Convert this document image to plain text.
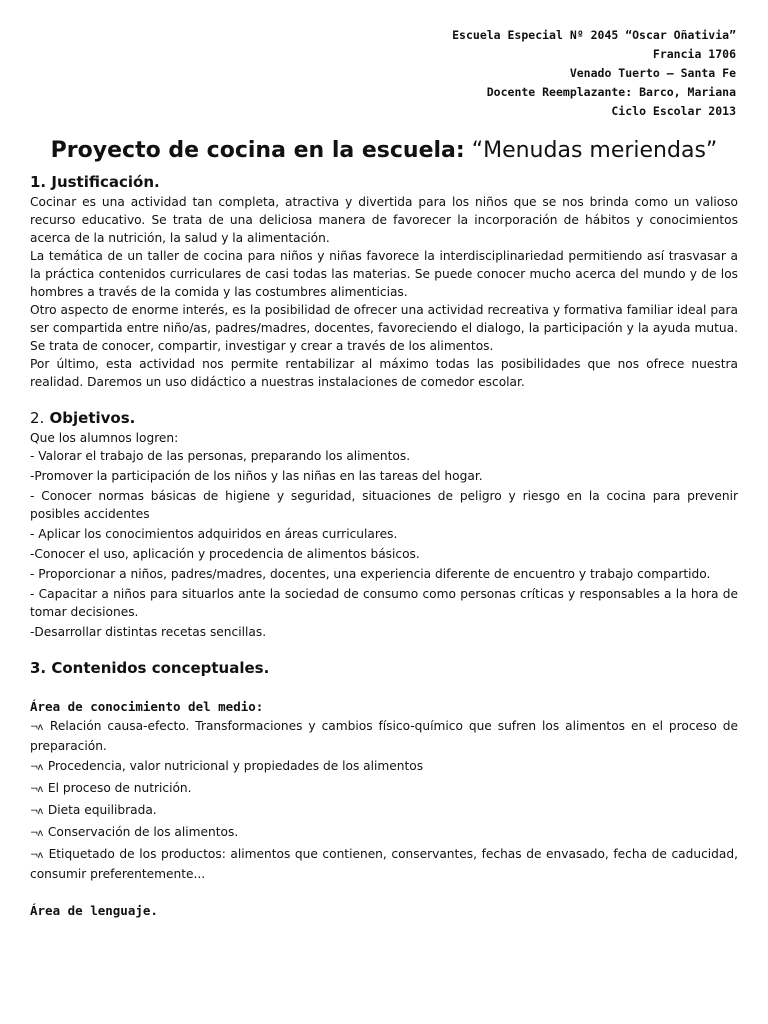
Escuela Especial Nº 2045 “Oscar Oñativia”
Francia 1706
Venado Tuerto – Santa Fe
Docente Reemplazante: Barco, Mariana
Ciclo Escolar 2013
Proyecto de cocina en la escuela: “Menudas meriendas”
1. Justificación.

Cocinar es una actividad tan completa, atractiva y divertida para los niños que se nos brinda como un valioso recurso educativo. Se trata de una deliciosa manera de favorecer la incorporación de hábitos y conocimientos acerca de la nutrición, la salud y la alimentación.

La temática de un taller de cocina para niños y niñas favorece la interdisciplinariedad permitiendo así trasvasar a la práctica contenidos curriculares de casi todas las materias. Se puede conocer mucho acerca del mundo y de los hombres a través de la comida y las costumbres alimenticias.

Otro aspecto de enorme interés, es la posibilidad de ofrecer una actividad recreativa y formativa familiar ideal para ser compartida entre niño/as, padres/madres, docentes, favoreciendo el dialogo, la participación y la ayuda mutua. Se trata de conocer, compartir, investigar y crear a través de los alimentos.

Por último, esta actividad nos permite rentabilizar al máximo todas las posibilidades que nos ofrece nuestra realidad. Daremos un uso didáctico a nuestras instalaciones de comedor escolar.

2. Objetivos.

Que los alumnos logren:

- Valorar el trabajo de las personas, preparando los alimentos.
-Promover la participación de los niños y las niñas en las tareas del hogar.
- Conocer normas básicas de higiene y seguridad, situaciones de peligro y riesgo en la cocina para prevenir posibles accidentes
- Aplicar los conocimientos adquiridos en áreas curriculares.
-Conocer el uso, aplicación y procedencia de alimentos básicos.
- Proporcionar a niños, padres/madres, docentes, una experiencia diferente de encuentro y trabajo compartido.
- Capacitar a niños para situarlos ante la sociedad de consumo como personas críticas y responsables a la hora de tomar decisiones.
-Desarrollar distintas recetas sencillas.
3. Contenidos conceptuales.
Área de conocimiento del medio:
¬ʌ Relación causa-efecto. Transformaciones y cambios físico-químico que sufren los alimentos en el proceso de preparación.
¬ʌ Procedencia, valor nutricional y propiedades de los alimentos
¬ʌ El proceso de nutrición.
¬ʌ Dieta equilibrada.
¬ʌ Conservación de los alimentos.
¬ʌ Etiquetado de los productos: alimentos que contienen, conservantes, fechas de envasado, fecha de caducidad, consumir preferentemente...
Área de lenguaje.
